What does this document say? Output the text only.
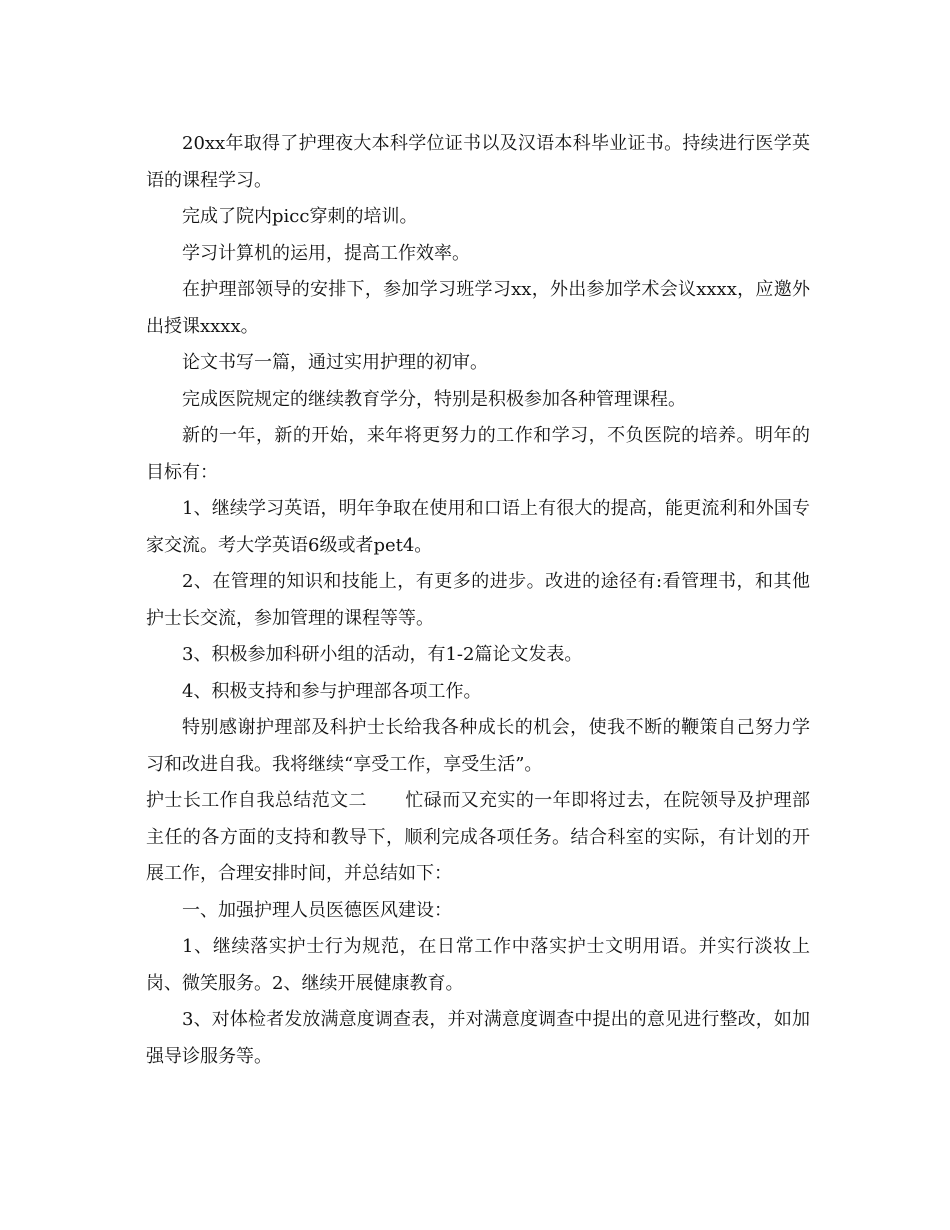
20xx年取得了护理夜大本科学位证书以及汉语本科毕业证书。持续进行医学英语的课程学习。

完成了院内picc穿刺的培训。

学习计算机的运用，提高工作效率。

在护理部领导的安排下，参加学习班学习xx，外出参加学术会议xxxx，应邀外出授课xxxx。

论文书写一篇，通过实用护理的初审。

完成医院规定的继续教育学分，特别是积极参加各种管理课程。

新的一年，新的开始，来年将更努力的工作和学习，不负医院的培养。明年的目标有：

1、继续学习英语，明年争取在使用和口语上有很大的提高，能更流利和外国专家交流。考大学英语6级或者pet4。

2、在管理的知识和技能上，有更多的进步。改进的途径有:看管理书，和其他护士长交流，参加管理的课程等等。

3、积极参加科研小组的活动，有1-2篇论文发表。

4、积极支持和参与护理部各项工作。

特别感谢护理部及科护士长给我各种成长的机会，使我不断的鞭策自己努力学习和改进自我。我将继续“享受工作，享受生活”。

护士长工作自我总结范文二 忙碌而又充实的一年即将过去，在院领导及护理部主任的各方面的支持和教导下，顺利完成各项任务。结合科室的实际，有计划的开展工作，合理安排时间，并总结如下：

一、加强护理人员医德医风建设：

1、继续落实护士行为规范，在日常工作中落实护士文明用语。并实行淡妆上岗、微笑服务。2、继续开展健康教育。

3、对体检者发放满意度调查表，并对满意度调查中提出的意见进行整改，如加强导诊服务等。
